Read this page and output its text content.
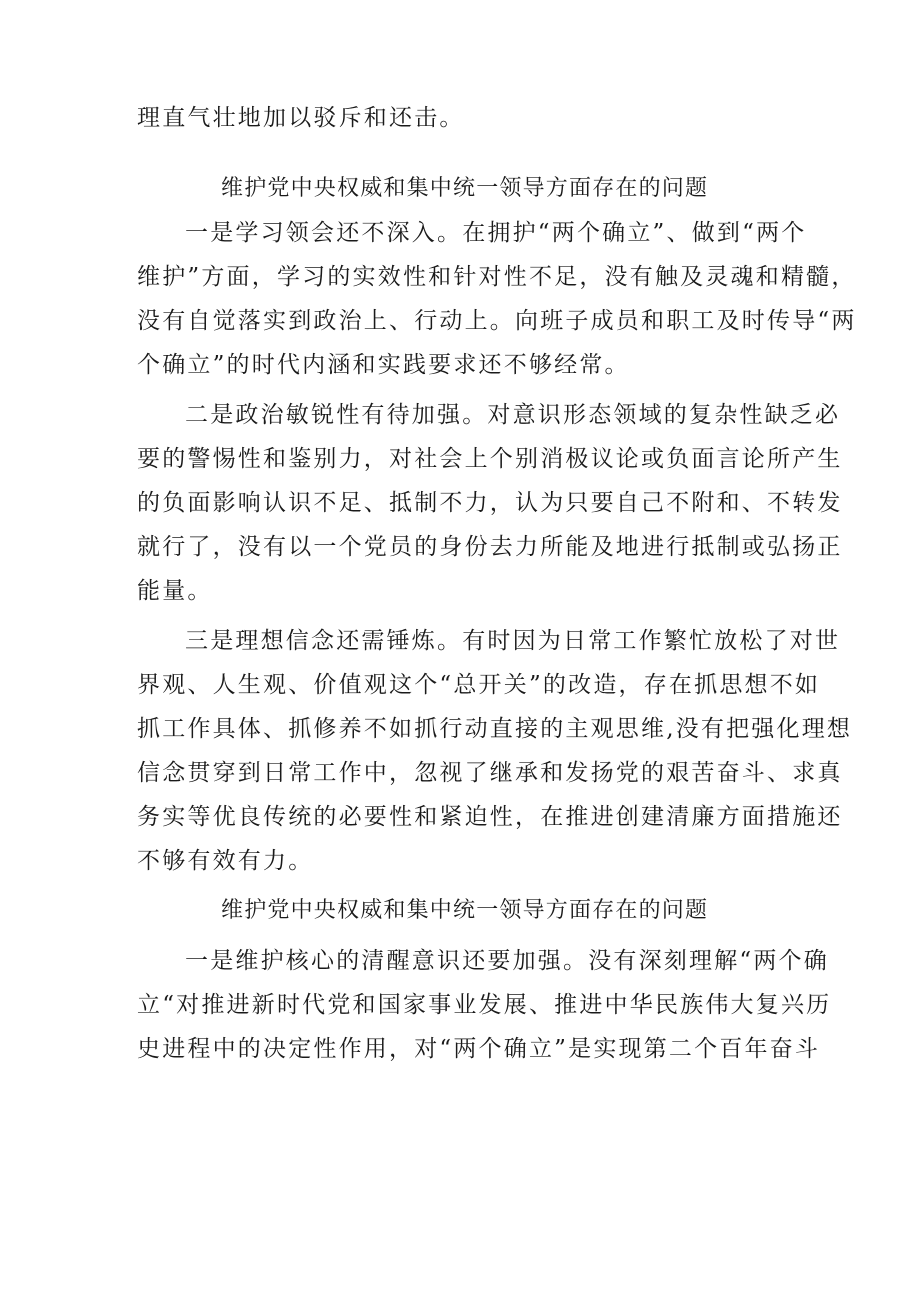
理直气壮地加以驳斥和还击。

维护党中央权威和集中统一领导方面存在的问题

一是学习领会还不深入。在拥护“两个确立”、做到“两个

维护”方面，学习的实效性和针对性不足，没有触及灵魂和精髓，

没有自觉落实到政治上、行动上。向班子成员和职工及时传导“两

个确立”的时代内涵和实践要求还不够经常。

二是政治敏锐性有待加强。对意识形态领域的复杂性缺乏必

要的警惕性和鉴别力，对社会上个别消极议论或负面言论所产生

的负面影响认识不足、抵制不力，认为只要自己不附和、不转发

就行了，没有以一个党员的身份去力所能及地进行抵制或弘扬正

能量。

三是理想信念还需锤炼。有时因为日常工作繁忙放松了对世

界观、人生观、价值观这个“总开关”的改造，存在抓思想不如

抓工作具体、抓修养不如抓行动直接的主观思维,没有把强化理想

信念贯穿到日常工作中，忽视了继承和发扬党的艰苦奋斗、求真

务实等优良传统的必要性和紧迫性，在推进创建清廉方面措施还

不够有效有力。

维护党中央权威和集中统一领导方面存在的问题

一是维护核心的清醒意识还要加强。没有深刻理解“两个确

立“对推进新时代党和国家事业发展、推进中华民族伟大复兴历

史进程中的决定性作用，对“两个确立”是实现第二个百年奋斗
